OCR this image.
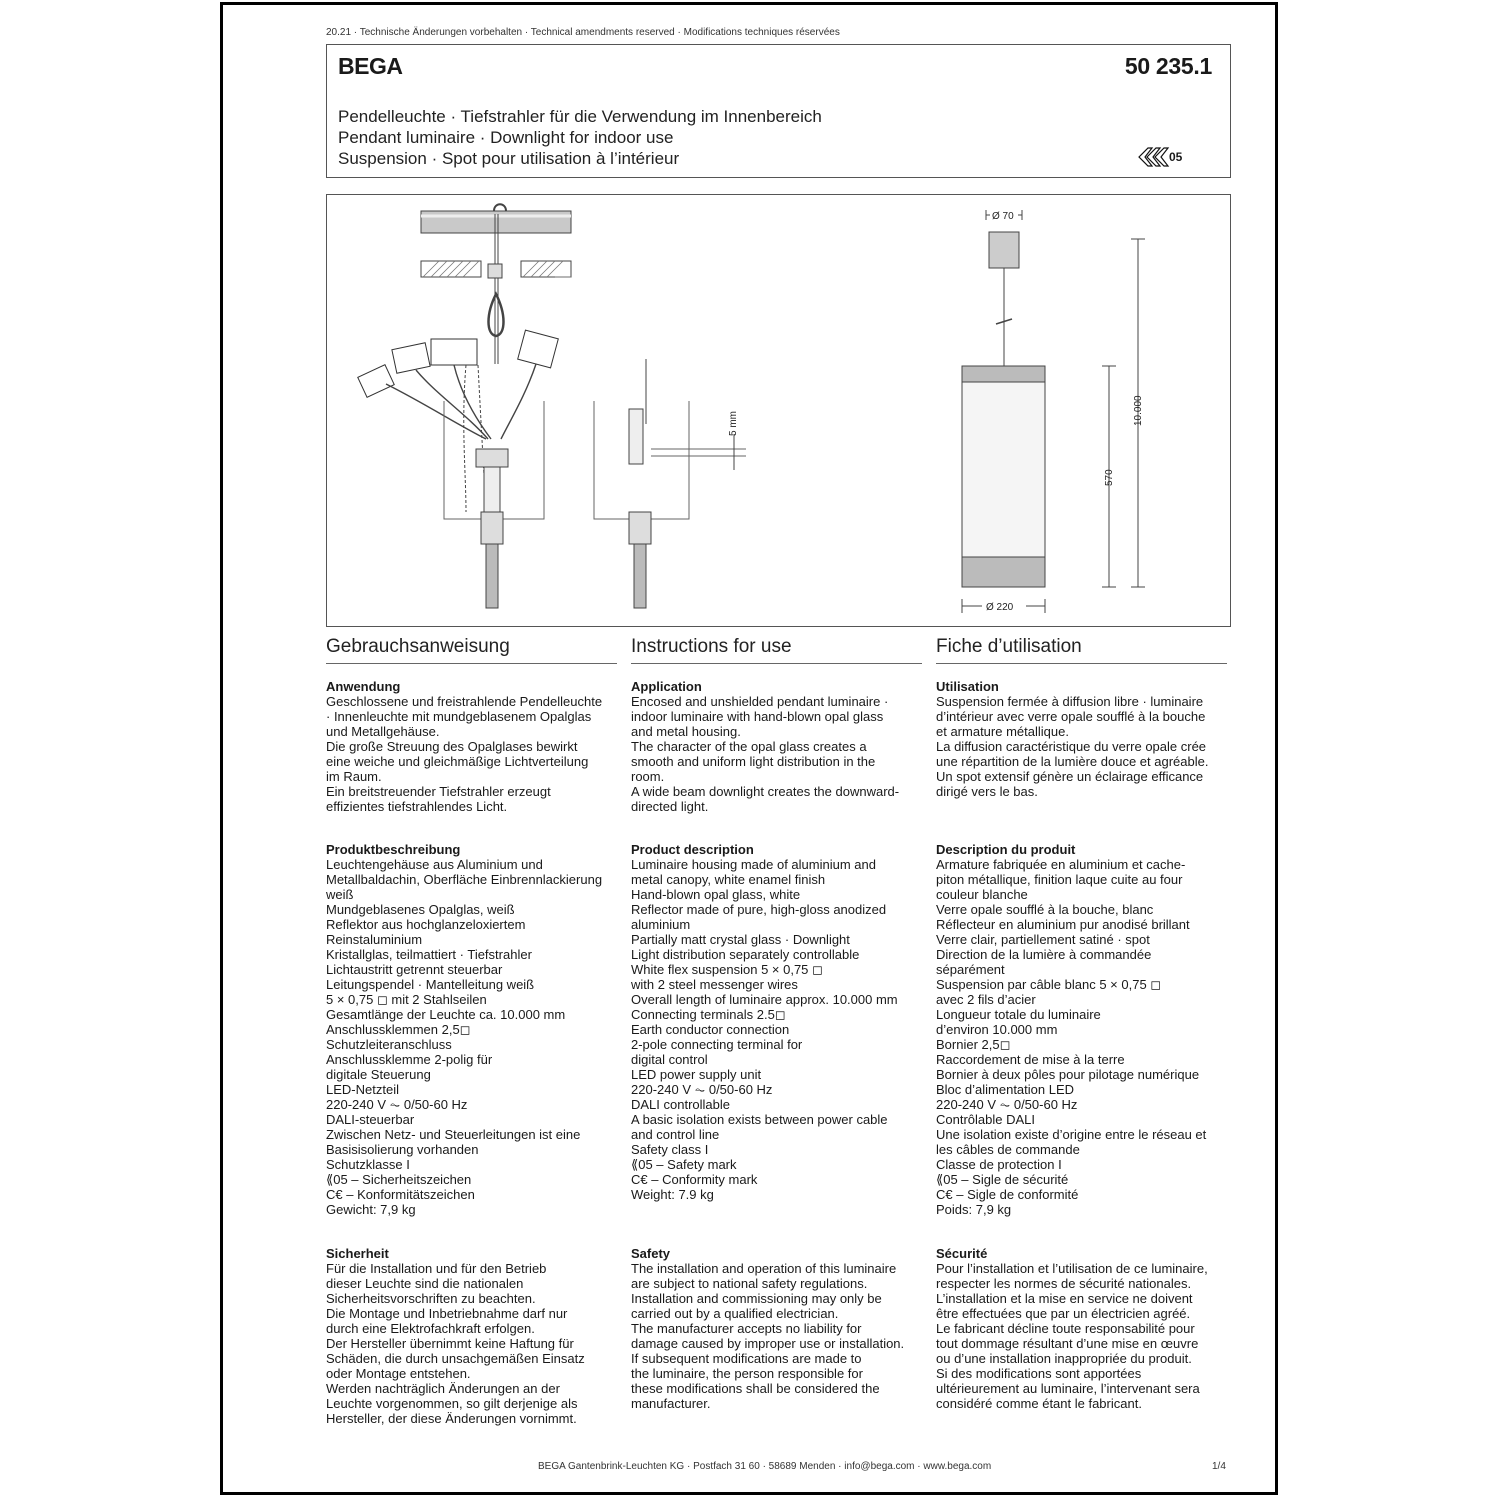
20.21 · Technische Änderungen vorbehalten · Technical amendments reserved · Modifications techniques réservées
BEGA	50 235.1
Pendelleuchte · Tiefstrahler für die Verwendung im Innenbereich
Pendant luminaire · Downlight for indoor use
Suspension · Spot pour utilisation à l’intérieur	05
5 mm
Ø 70
Ø 220
570
10.000
Gebrauchsanweisung
Anwendung
Geschlossene und freistrahlende Pendelleuchte
· Innenleuchte mit mundgeblasenem Opalglas
und Metallgehäuse.
Die große Streuung des Opalglases bewirkt
eine weiche und gleichmäßige Lichtverteilung
im Raum.
Ein breitstreuender Tiefstrahler erzeugt
effizientes tiefstrahlendes Licht.
Produktbeschreibung
Leuchtengehäuse aus Aluminium und
Metallbaldachin, Oberfläche Einbrennlackierung
weiß
Mundgeblasenes Opalglas, weiß
Reflektor aus hochglanzeloxiertem
Reinstaluminium
Kristallglas, teilmattiert · Tiefstrahler
Lichtaustritt getrennt steuerbar
Leitungspendel · Mantelleitung weiß
5 × 0,75 ◻ mit 2 Stahlseilen
Gesamtlänge der Leuchte ca. 10.000 mm
Anschlussklemmen 2,5◻
Schutzleiteranschluss
Anschlussklemme 2-polig für
digitale Steuerung
LED-Netzteil
220-240 V ⏦ 0/50-60 Hz
DALI-steuerbar
Zwischen Netz- und Steuerleitungen ist eine
Basisisolierung vorhanden
Schutzklasse I
⟪05 – Sicherheitszeichen
C€ – Konformitätszeichen
Gewicht: 7,9 kg
Sicherheit
Für die Installation und für den Betrieb
dieser Leuchte sind die nationalen
Sicherheitsvorschriften zu beachten.
Die Montage und Inbetriebnahme darf nur
durch eine Elektrofachkraft erfolgen.
Der Hersteller übernimmt keine Haftung für
Schäden, die durch unsachgemäßen Einsatz
oder Montage entstehen.
Werden nachträglich Änderungen an der
Leuchte vorgenommen, so gilt derjenige als
Hersteller, der diese Änderungen vornimmt.
Instructions for use
Application
Encosed and unshielded pendant luminaire ·
indoor luminaire with hand-blown opal glass
and metal housing.
The character of the opal glass creates a
smooth and uniform light distribution in the
room.
A wide beam downlight creates the downward-
directed light.
Product description
Luminaire housing made of aluminium and
metal canopy, white enamel finish
Hand-blown opal glass, white
Reflector made of pure, high-gloss anodized
aluminium
Partially matt crystal glass · Downlight
Light distribution separately controllable
White flex suspension 5 × 0,75 ◻
with 2 steel messenger wires
Overall length of luminaire approx. 10.000 mm
Connecting terminals 2.5◻
Earth conductor connection
2-pole connecting terminal for
digital control
LED power supply unit
220-240 V ⏦ 0/50-60 Hz
DALI controllable
A basic isolation exists between power cable
and control line
Safety class I
⟪05 – Safety mark
C€ – Conformity mark
Weight: 7.9 kg
Safety
The installation and operation of this luminaire
are subject to national safety regulations.
Installation and commissioning may only be
carried out by a qualified electrician.
The manufacturer accepts no liability for
damage caused by improper use or installation.
If subsequent modifications are made to
the luminaire, the person responsible for
these modifications shall be considered the
manufacturer.
Fiche d’utilisation
Utilisation
Suspension fermée à diffusion libre · luminaire
d’intérieur avec verre opale soufflé à la bouche
et armature métallique.
La diffusion caractéristique du verre opale crée
une répartition de la lumière douce et agréable.
Un spot extensif génère un éclairage efficance
dirigé vers le bas.
Description du produit
Armature fabriquée en aluminium et cache-
piton métallique, finition laque cuite au four
couleur blanche
Verre opale soufflé à la bouche, blanc
Réflecteur en aluminium pur anodisé brillant
Verre clair, partiellement satiné · spot
Direction de la lumière à commandée
séparément
Suspension par câble blanc 5 × 0,75 ◻
avec 2 fils d’acier
Longueur totale du luminaire
d’environ 10.000 mm
Bornier 2,5◻
Raccordement de mise à la terre
Bornier à deux pôles pour pilotage numérique
Bloc d’alimentation LED
220-240 V ⏦ 0/50-60 Hz
Contrôlable DALI
Une isolation existe d’origine entre le réseau et
les câbles de commande
Classe de protection I
⟪05 – Sigle de sécurité
C€ – Sigle de conformité
Poids: 7,9 kg
Sécurité
Pour l’installation et l’utilisation de ce luminaire,
respecter les normes de sécurité nationales.
L’installation et la mise en service ne doivent
être effectuées que par un électricien agréé.
Le fabricant décline toute responsabilité pour
tout dommage résultant d’une mise en œuvre
ou d’une installation inappropriée du produit.
Si des modifications sont apportées
ultérieurement au luminaire, l’intervenant sera
considéré comme étant le fabricant.
BEGA Gantenbrink-Leuchten KG · Postfach 31 60 · 58689 Menden · info@bega.com · www.bega.com	1/4
